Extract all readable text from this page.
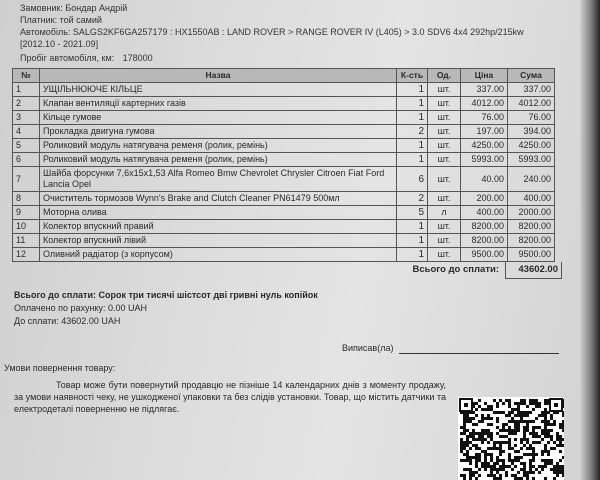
Замовник: Бондар Андрій
Платник: той самий
Автомобіль: SALGS2KF6GA257179 : HX1550AB : LAND ROVER > RANGE ROVER IV (L405) > 3.0 SDV6 4x4 292hp/215kw
[2012.10 - 2021.09]
Пробіг автомобіля, км: 178000
№	Назва	К-сть	Од.	Ціна	Сума
1	УЩІЛЬНЮЮЧЕ КІЛЬЦЕ	1	шт.	337.00	337.00
2	Клапан вентиляції картерних газів	1	шт.	4012.00	4012.00
3	Кільце гумове	1	шт.	76.00	76.00
4	Прокладка двигуна гумова	2	шт.	197.00	394.00
5	Роликовий модуль натягувача ременя (ролик, ремінь)	1	шт.	4250.00	4250.00
6	Роликовий модуль натягувача ременя (ролик, ремінь)	1	шт.	5993.00	5993.00
7	Шайба форсунки 7,6x15x1,53 Alfa Romeo Bmw Chevrolet Chrysler Citroen Fiat Ford Lancia Opel	6	шт.	40.00	240.00
8	Очиститель тормозов Wynn's Brake and Clutch Cleaner PN61479 500мл	2	шт.	200.00	400.00
9	Моторна олива	5	л	400.00	2000.00
10	Колектор впускний правий	1	шт.	8200.00	8200.00
11	Колектор впускний лівий	1	шт.	8200.00	8200.00
12	Оливний радіатор (з корпусом)	1	шт.	9500.00	9500.00
Всього до сплати:	43602.00
Всього до сплати: Сорок три тисячі шістсот дві гривні нуль копійок
Оплачено по рахунку: 0.00 UAH
До сплати: 43602.00 UAH
Виписав(ла)
Умови повернення товару:
Товар може бути повернутий продавцю не пізніше 14 календарних днів з моменту продажу, за умови наявності чеку, не ушкодженої упаковки та без слідів установки. Товар, що містить датчики та електродеталі поверненню не підлягає.
